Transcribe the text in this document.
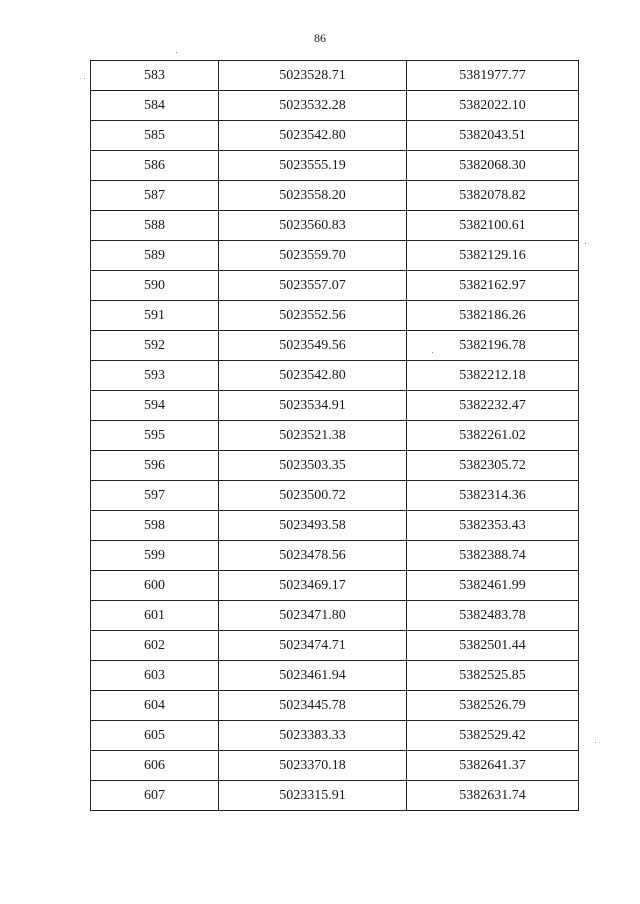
86
583	5023528.71	5381977.77
584	5023532.28	5382022.10
585	5023542.80	5382043.51
586	5023555.19	5382068.30
587	5023558.20	5382078.82
588	5023560.83	5382100.61
589	5023559.70	5382129.16
590	5023557.07	5382162.97
591	5023552.56	5382186.26
592	5023549.56	5382196.78
593	5023542.80	5382212.18
594	5023534.91	5382232.47
595	5023521.38	5382261.02
596	5023503.35	5382305.72
597	5023500.72	5382314.36
598	5023493.58	5382353.43
599	5023478.56	5382388.74
600	5023469.17	5382461.99
601	5023471.80	5382483.78
602	5023474.71	5382501.44
603	5023461.94	5382525.85
604	5023445.78	5382526.79
605	5023383.33	5382529.42
606	5023370.18	5382641.37
607	5023315.91	5382631.74
